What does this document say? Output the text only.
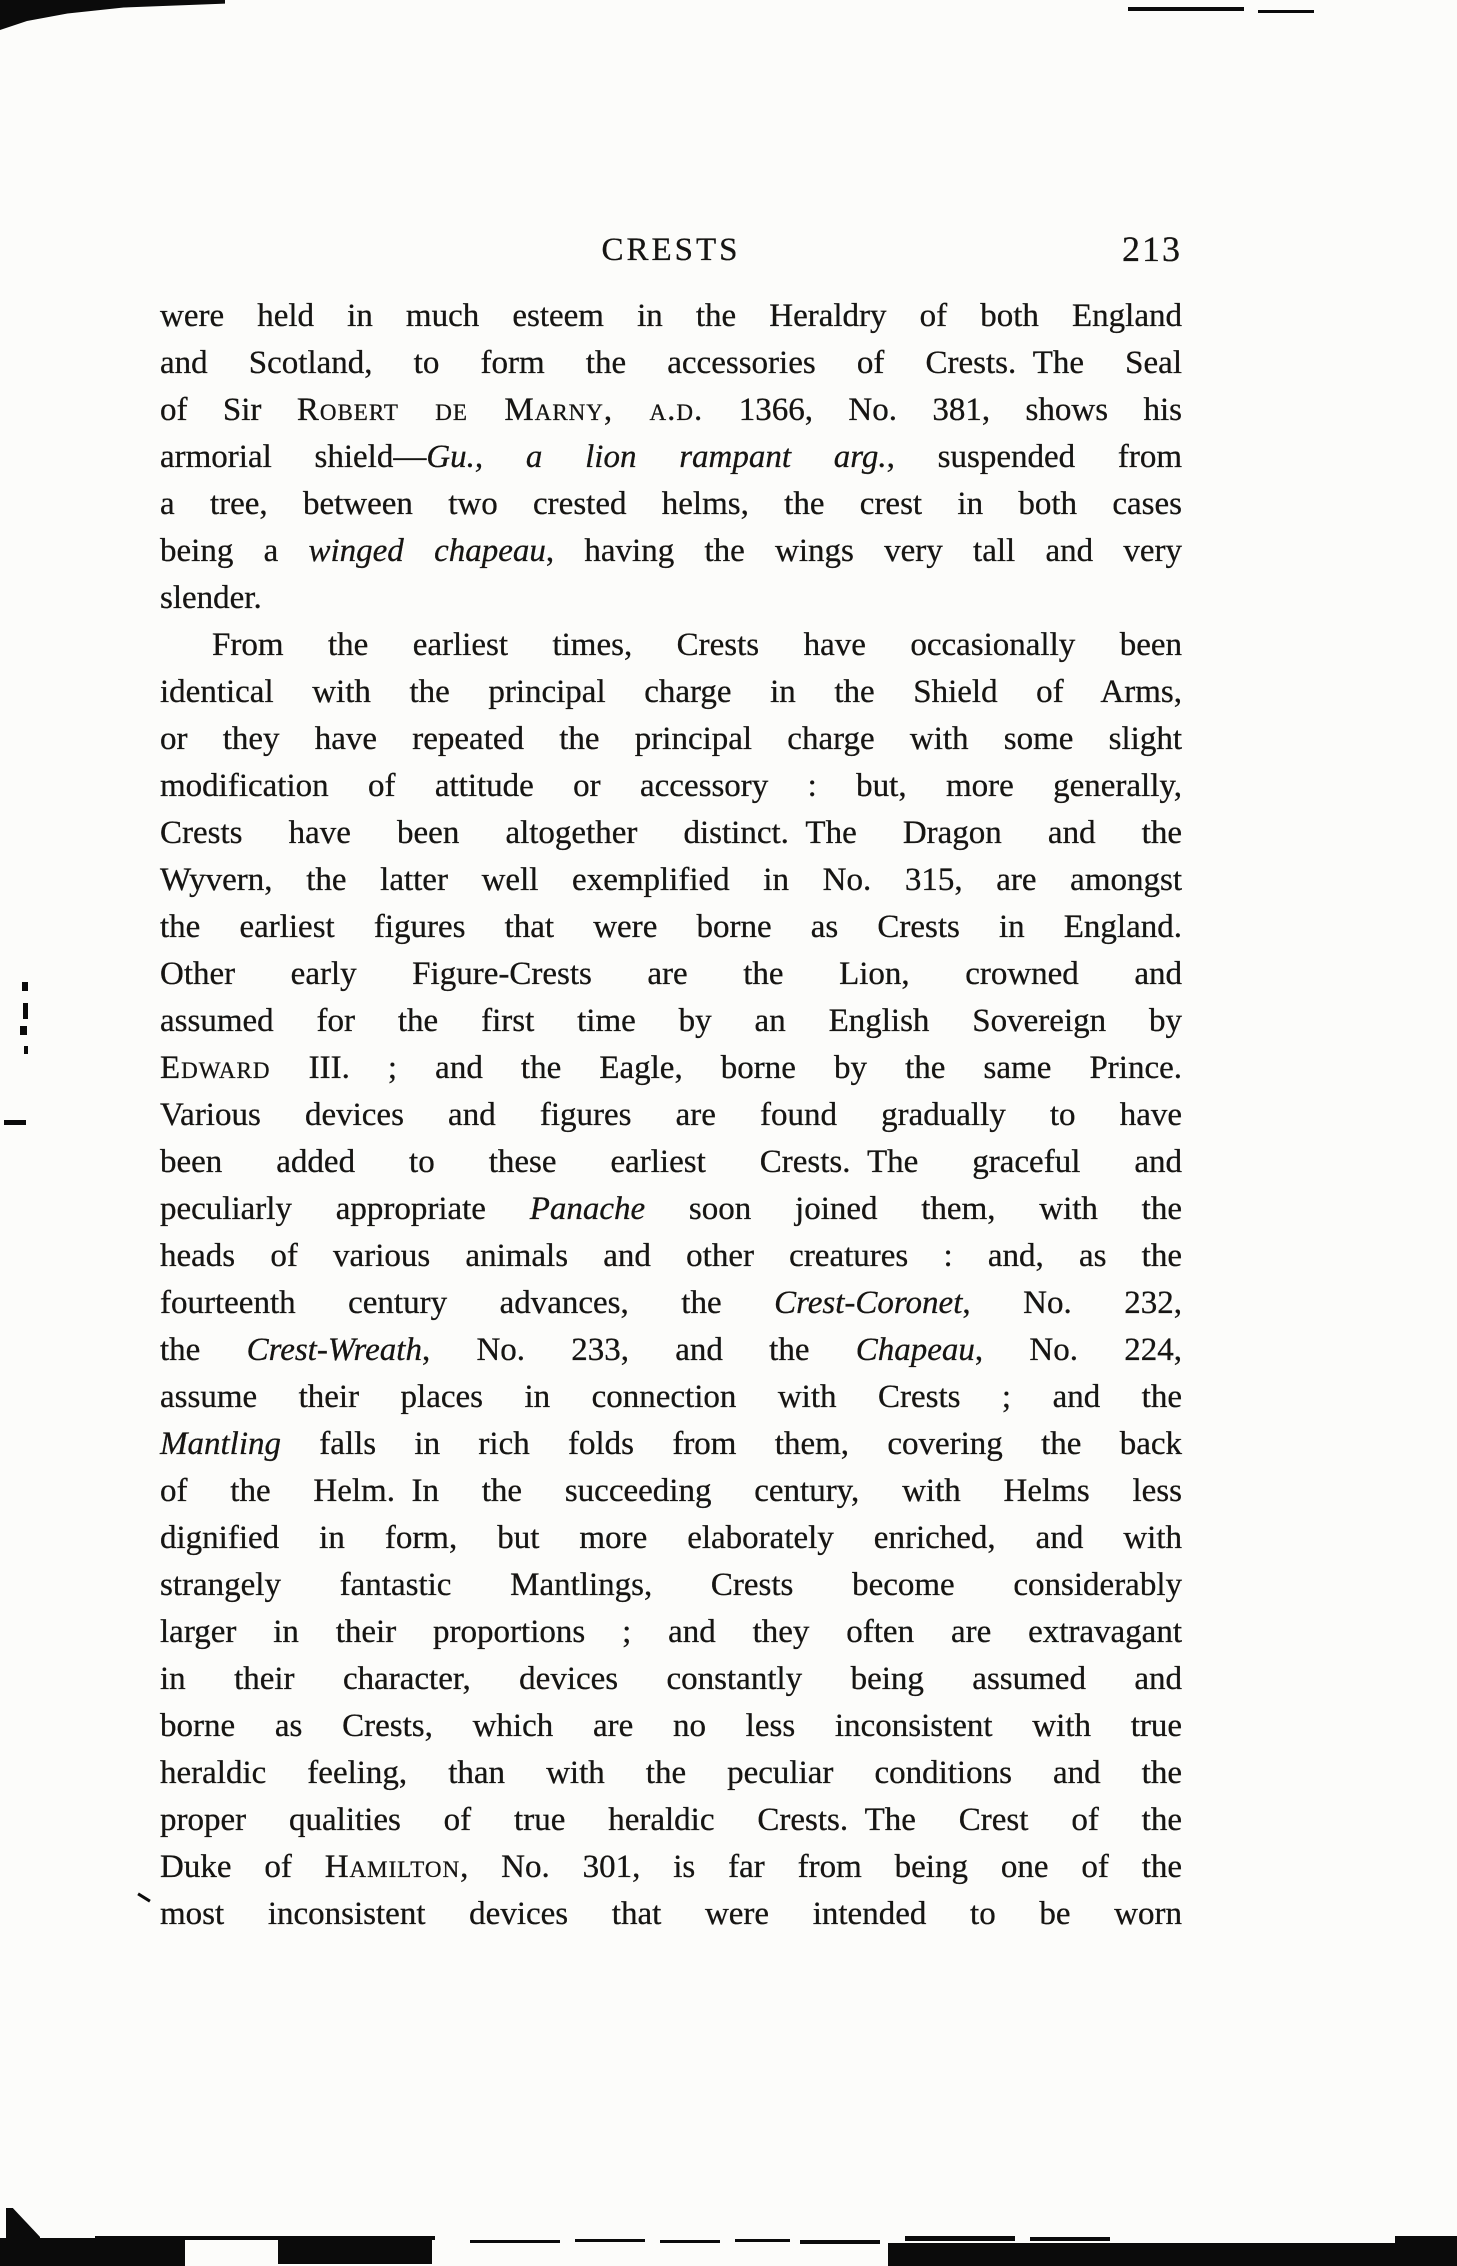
CRESTS	213
were held in much esteem in the Heraldry of both England
and Scotland, to form the accessories of Crests. The Seal
of Sir Robert de Marny, a.d. 1366, No. 381, shows his
armorial shield—Gu., a lion rampant arg., suspended from
a tree, between two crested helms, the crest in both cases
being a winged chapeau, having the wings very tall and very
slender.
From the earliest times, Crests have occasionally been
identical with the principal charge in the Shield of Arms,
or they have repeated the principal charge with some slight
modification of attitude or accessory : but, more generally,
Crests have been altogether distinct. The Dragon and the
Wyvern, the latter well exemplified in No. 315, are amongst
the earliest figures that were borne as Crests in England.
Other early Figure-Crests are the Lion, crowned and
assumed for the first time by an English Sovereign by
Edward III. ; and the Eagle, borne by the same Prince.
Various devices and figures are found gradually to have
been added to these earliest Crests. The graceful and
peculiarly appropriate Panache soon joined them, with the
heads of various animals and other creatures : and, as the
fourteenth century advances, the Crest-Coronet, No. 232,
the Crest-Wreath, No. 233, and the Chapeau, No. 224,
assume their places in connection with Crests ; and the
Mantling falls in rich folds from them, covering the back
of the Helm. In the succeeding century, with Helms less
dignified in form, but more elaborately enriched, and with
strangely fantastic Mantlings, Crests become considerably
larger in their proportions ; and they often are extravagant
in their character, devices constantly being assumed and
borne as Crests, which are no less inconsistent with true
heraldic feeling, than with the peculiar conditions and the
proper qualities of true heraldic Crests. The Crest of the
Duke of Hamilton, No. 301, is far from being one of the
most inconsistent devices that were intended to be worn
